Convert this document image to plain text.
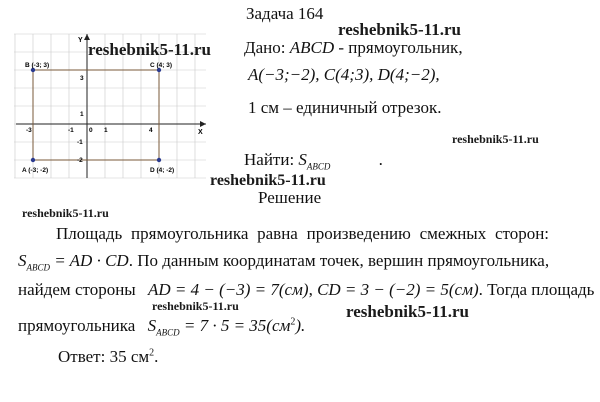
Y
X
0
-3	-1	1	4
3
1
-1
-2
B (-3; 3)	C (4; 3)
A (-3; -2)	D (4; -2)
reshebnik5-11.ru
reshebnik5-11.ru
reshebnik5-11.ru
reshebnik5-11.ru
reshebnik5-11.ru
reshebnik5-11.ru	reshebnik5-11.ru
Задача 164
Дано: ABCD - прямоугольник,
A(−3;−2), C(4;3), D(4;−2),
1 см – единичный отрезок.
Найти: $S_{ABCD}$	.
Решение
Площадь прямоугольника равна произведению смежных сторон:
$S_{ABCD}$ = AD · CD. По данным координатам точек, вершин прямоугольника,
найдем стороны AD = 4 − (−3) = 7(см), CD = 3 − (−2) = 5(см). Тогда площадь
прямоугольника $S_{ABCD} = 7 \cdot 5 = 35(см^2)$.
Ответ: 35 $см^2$.
